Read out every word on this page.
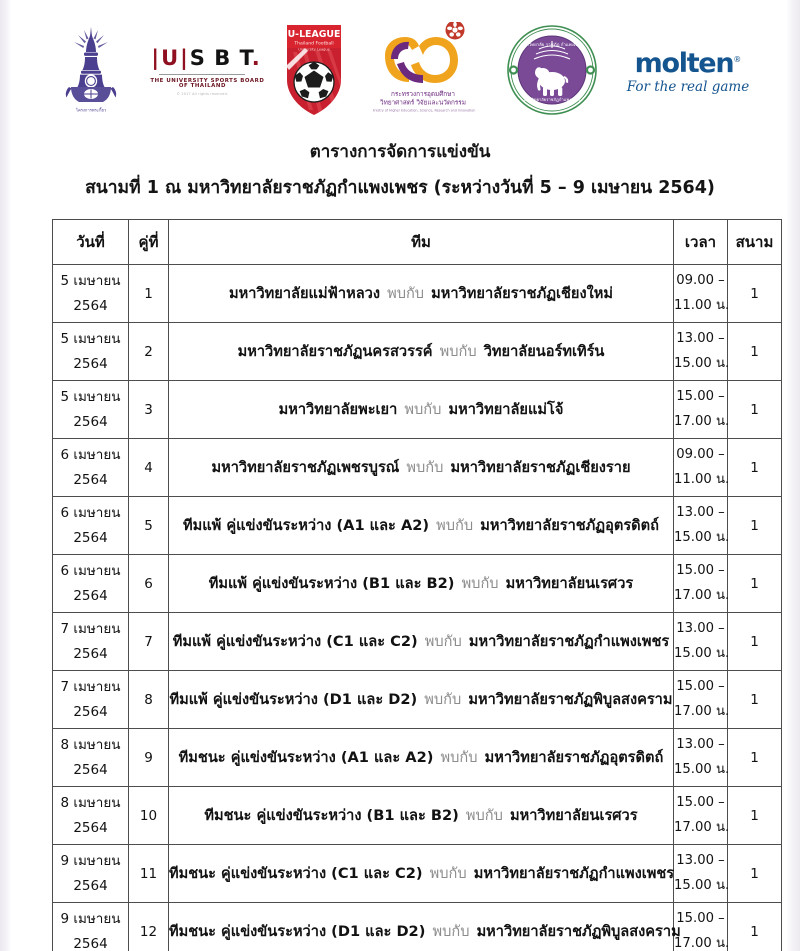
โครงการพระกี้ยว
|U|S B T.
THE UNIVERSITY SPORTS BOARD
OF THAILAND
© 2017 All rights reserved.
U-LEAGUE
Thailand Football
University League
กระทรวงการอุดมศึกษา
วิทยาศาสตร์ วิจัยและนวัตกรรม
Ministry of Higher Education, Science, Research and Innovation
มหาวิทยาลัย ราชภัฏ กำแพงเพชร
มหาวิทยาลัยราชภัฏกำแพงเพชร
molten®
For the real game
ตารางการจัดการแข่งขัน
สนามที่ 1 ณ มหาวิทยาลัยราชภัฏกำแพงเพชร (ระหว่างวันที่ 5 – 9 เมษายน 2564)
วันที่	คู่ที่	ทีม	เวลา	สนาม

5 เมษายน
2564	1	มหาวิทยาลัยแม่ฟ้าหลวง พบกับ มหาวิทยาลัยราชภัฏเชียงใหม่	09.00 –
11.00 น.	1

5 เมษายน
2564	2	มหาวิทยาลัยราชภัฏนครสวรรค์ พบกับ วิทยาลัยนอร์ทเทิร์น	13.00 –
15.00 น.	1

5 เมษายน
2564	3	มหาวิทยาลัยพะเยา พบกับ มหาวิทยาลัยแม่โจ้	15.00 –
17.00 น.	1

6 เมษายน
2564	4	มหาวิทยาลัยราชภัฏเพชรบูรณ์ พบกับ มหาวิทยาลัยราชภัฏเชียงราย	09.00 –
11.00 น.	1

6 เมษายน
2564	5	ทีมแพ้ คู่แข่งขันระหว่าง (A1 และ A2) พบกับ มหาวิทยาลัยราชภัฏอุตรดิตถ์	13.00 –
15.00 น.	1

6 เมษายน
2564	6	ทีมแพ้ คู่แข่งขันระหว่าง (B1 และ B2) พบกับ มหาวิทยาลัยนเรศวร	15.00 –
17.00 น.	1

7 เมษายน
2564	7	ทีมแพ้ คู่แข่งขันระหว่าง (C1 และ C2) พบกับ มหาวิทยาลัยราชภัฏกำแพงเพชร	13.00 –
15.00 น.	1

7 เมษายน
2564	8	ทีมแพ้ คู่แข่งขันระหว่าง (D1 และ D2) พบกับ มหาวิทยาลัยราชภัฏพิบูลสงคราม	15.00 –
17.00 น.	1

8 เมษายน
2564	9	ทีมชนะ คู่แข่งขันระหว่าง (A1 และ A2) พบกับ มหาวิทยาลัยราชภัฏอุตรดิตถ์	13.00 –
15.00 น.	1

8 เมษายน
2564	10	ทีมชนะ คู่แข่งขันระหว่าง (B1 และ B2) พบกับ มหาวิทยาลัยนเรศวร	15.00 –
17.00 น.	1

9 เมษายน
2564	11	ทีมชนะ คู่แข่งขันระหว่าง (C1 และ C2) พบกับ มหาวิทยาลัยราชภัฏกำแพงเพชร	13.00 –
15.00 น.	1

9 เมษายน
2564	12	ทีมชนะ คู่แข่งขันระหว่าง (D1 และ D2) พบกับ มหาวิทยาลัยราชภัฏพิบูลสงคราม	15.00 –
17.00 น.	1
